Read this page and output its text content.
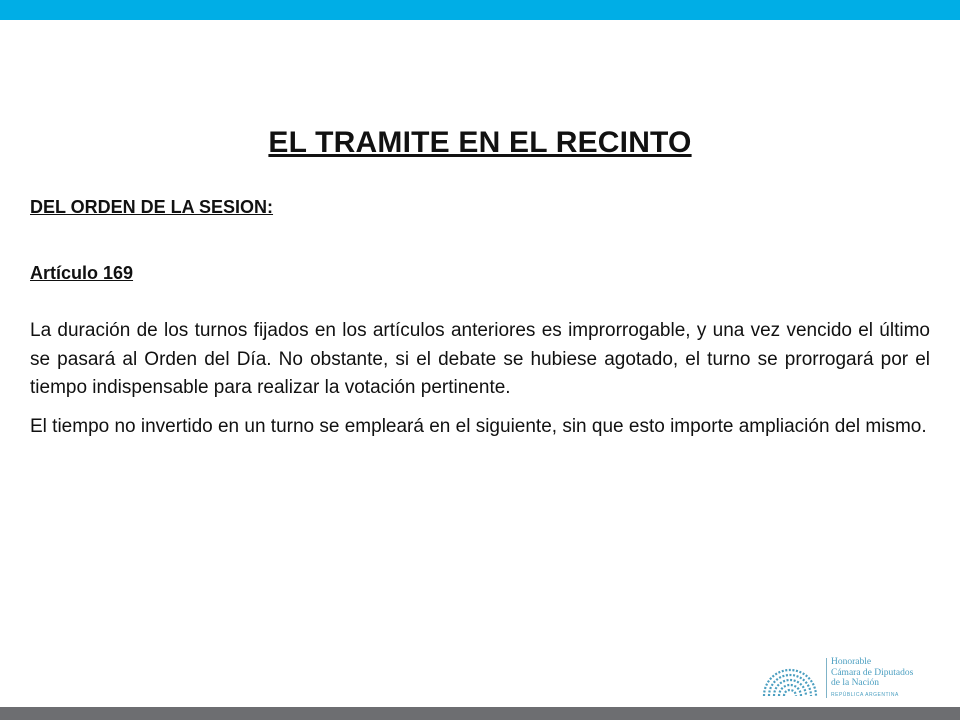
EL TRAMITE EN EL RECINTO

DEL ORDEN DE LA SESION:

Artículo 169

La duración de los turnos fijados en los artículos anteriores es improrrogable, y una vez vencido el último se pasará al Orden del Día. No obstante, si el debate se hubiese agotado, el turno se prorrogará por el tiempo indispensable para realizar la votación pertinente.

El tiempo no invertido en un turno se empleará en el siguiente, sin que esto importe ampliación del mismo.

Honorable
Cámara de Diputados
de la Nación
REPÚBLICA ARGENTINA
